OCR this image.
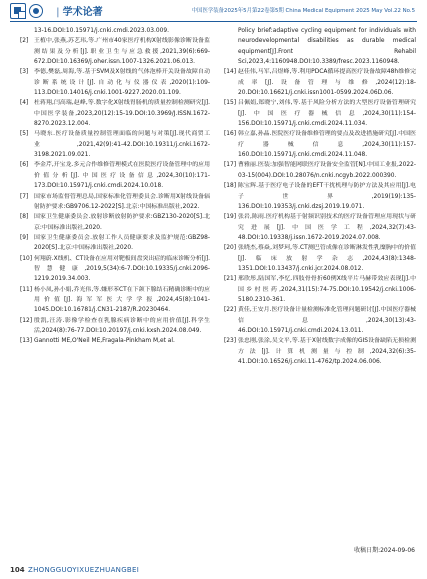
| 学术论著	中国医学装备2025年5月第22卷第5期 China Medical Equipment 2025 May Vol.22 No.5
13-16.DOI:10.15971/j.cnki.cmdi.2023.03.009.
[2] 王植中,张燕,苏艺玮,等.广州市40家医疗机构X射线影像诊断设备监测结果及分析[J].职业卫生与应急救援,2021,39(6):669-672.DOI:10.16369/j.oher.issn.1007-1326.2021.06.013.
[3] 李德,樊磊,周海,等.基于SVM及X射线的气体泡棒开关设备故障自动诊断系统设计[J].自动化与仪器仪表,2020(1):109-113.DOI:10.14016/j.cnki.1001-9227.2020.01.109.
[4] 杜蒋翔,闫高瑞,赵峰,等.数字化X射线胃肠机的质量控制检测研究[J].中国医学装备,2023,20(12):15-19.DOI:10.3969/J.ISSN.1672-8270.2023.12.004.
[5] 马晓东.医疗设备质量控制管理面临的问题与对策[J].现代商贸工业,2021,42(9):41-42.DOI:10.19311/j.cnki.1672-3198.2021.09.021.
[6] 李金芹,开宝龙.多元合作维修管理模式在医院医疗设备管理中的应用价值分析[J].中国医疗设备信息,2024,30(10):171-173.DOI:10.15971/j.cnki.cmdi.2024.10.018.
[7] 国家市场监督管理总局,国家标准化管理委员会.诊断用X射线设备辐射防护要求:GB9706.12-2022[S].北京:中国标准出版社,2022.
[8] 国家卫生健康委员会.放射诊断放射防护要求:GBZ130-2020[S].北京:中国标准出版社,2020.
[9] 国家卫生健康委员会.放射工作人员健康要求及监护规范:GBZ98-2020[S].北京:中国标准出版社,2020.
[10] 何翔蔚.X线机、CT设备在应用对靶板间盘突出症的临床诊断分析[J].智慧健康,2019,5(34):6-7.DOI:10.19335/j.cnki.2096-1219.2019.34.003.
[11] 杨小凤,孙小娟,乔光伟,等.嫌形苯CT在下颌下腺结石精确诊断中的应用价值[J].海军军医大学学报,2024,45(8):1041-1045.DOI:10.16781/j.CN31-2187/R.20230464.
[12] 殷凯,汪涛.影像学检查在乳腺疾病诊断中的应用价值[J].科学生活,2024(8):76-77.DOI:10.20197/j.cnki.kxsh.2024.08.049.
[13] Gannotti ME,O'Neil ME,Fragala-Pinkham M,et al.
Policy brief:adaptive cycling equipment for individuals with neurodevelopmental disabilities as durable medical equipment[J].Front Rehabil Sci,2023,4:1160948.DOI:10.3389/fresc.2023.1160948.
[14] 赵佳伟,马军,吕煜峰,等.利用PDCA循环提高医疗设备故障48h维修完成率[J].设备管理与维修,2024(12):18-20.DOI:10.16621/j.cnki.issn1001-0599.2024.06D.06.
[15] 吕佩娟,郑晓宁,刘伟,等.基于风险分析方法的大型医疗设备管理研究[J].中国医疗器械信息,2024,30(11):154-156.DOI:10.15971/j.cnki.cmdi.2024.11.034.
[16] 韩立嘉,孙晶.医院医疗设备维修管理的要点及改进措施研究[J].中国医疗器械信息,2024,30(11):157-160.DOI:10.15971/j.cnki.cmdi.2024.11.048.
[17] 曹雅丽.医装:加强智能网联医疗设备安全监管[N].中国工业报,2022-03-15(004).DOI:10.28076/n.cnki.ncgyb.2022.000390.
[18] 陈宝辉.基于医疗电子设备的EFT干扰机理与防护方法及其应用[J].电子世界,2019(19):135-136.DOI:10.19353/j.cnki.dzsj.2019.19.071.
[19] 张岩,陈雨.医疗机构基于射频识别技术的医疗设备管理应用现状与研究进展[J].中国医学工程,2024,32(7):43-48.DOI:10.19338/j.issn.1672-2019.2024.07.008.
[20] 张晓杰,蔡焱,刘梦珂,等.CT测巴管成像在诊断淋发性乳糜胸中的价值[J].临床放射学杂志,2024,43(8):1348-1351.DOI:10.13437/j.cnki.jcr.2024.08.012.
[21] 邢欣彤,陆国军,李忆.四肢骨骨折60例X线平片马赫带效应表现[J].中国乡村医药,2024,31(15):74-75.DOI:10.19542/j.cnki.1006-5180.2310-361.
[22] 黄佳,王安月.医疗设备计量检测标准化管理问题研讨[J].中国医疗器械信息,2024,30(13):43-46.DOI:10.15971/j.cnki.cmdi.2024.13.011.
[23] 张忠刚,张涂,吴文平,等.基于X射线数字成像的GIS设备缺陷无损检测方法[J].计算机测量与控制,2024,32(6):35-41.DOI:10.16526/j.cnki.11-4762/tp.2024.06.006.
收稿日期:2024-09-06
104 ZHONGGUOYIXUEZHUANGBEI
